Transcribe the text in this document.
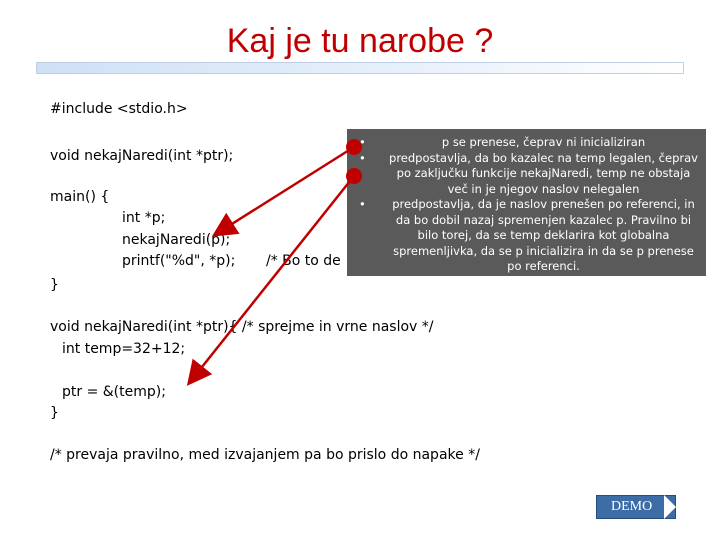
Kaj je tu narobe ?
#include <stdio.h>
void nekajNaredi(int *ptr);
main() {
int *p;
nekajNaredi(p);
printf("%d", *p); /* Bo to de
}
void nekajNaredi(int *ptr){ /* sprejme in vrne naslov */
int temp=32+12;
ptr = &(temp);
}
/* prevaja pravilno, med izvajanjem pa bo prislo do napake */
•	p se prenese, čeprav ni inicializiran
• predpostavlja, da bo kazalec na temp legalen, čeprav po zaključku funkcije nekajNaredi, temp ne obstaja več in je njegov naslov nelegalen
• predpostavlja, da je naslov prenešen po referenci, in da bo dobil nazaj spremenjen kazalec p. Pravilno bi bilo torej, da se temp deklarira kot globalna spremenljivka, da se p inicializira in da se p prenese po referenci.
DEMO
